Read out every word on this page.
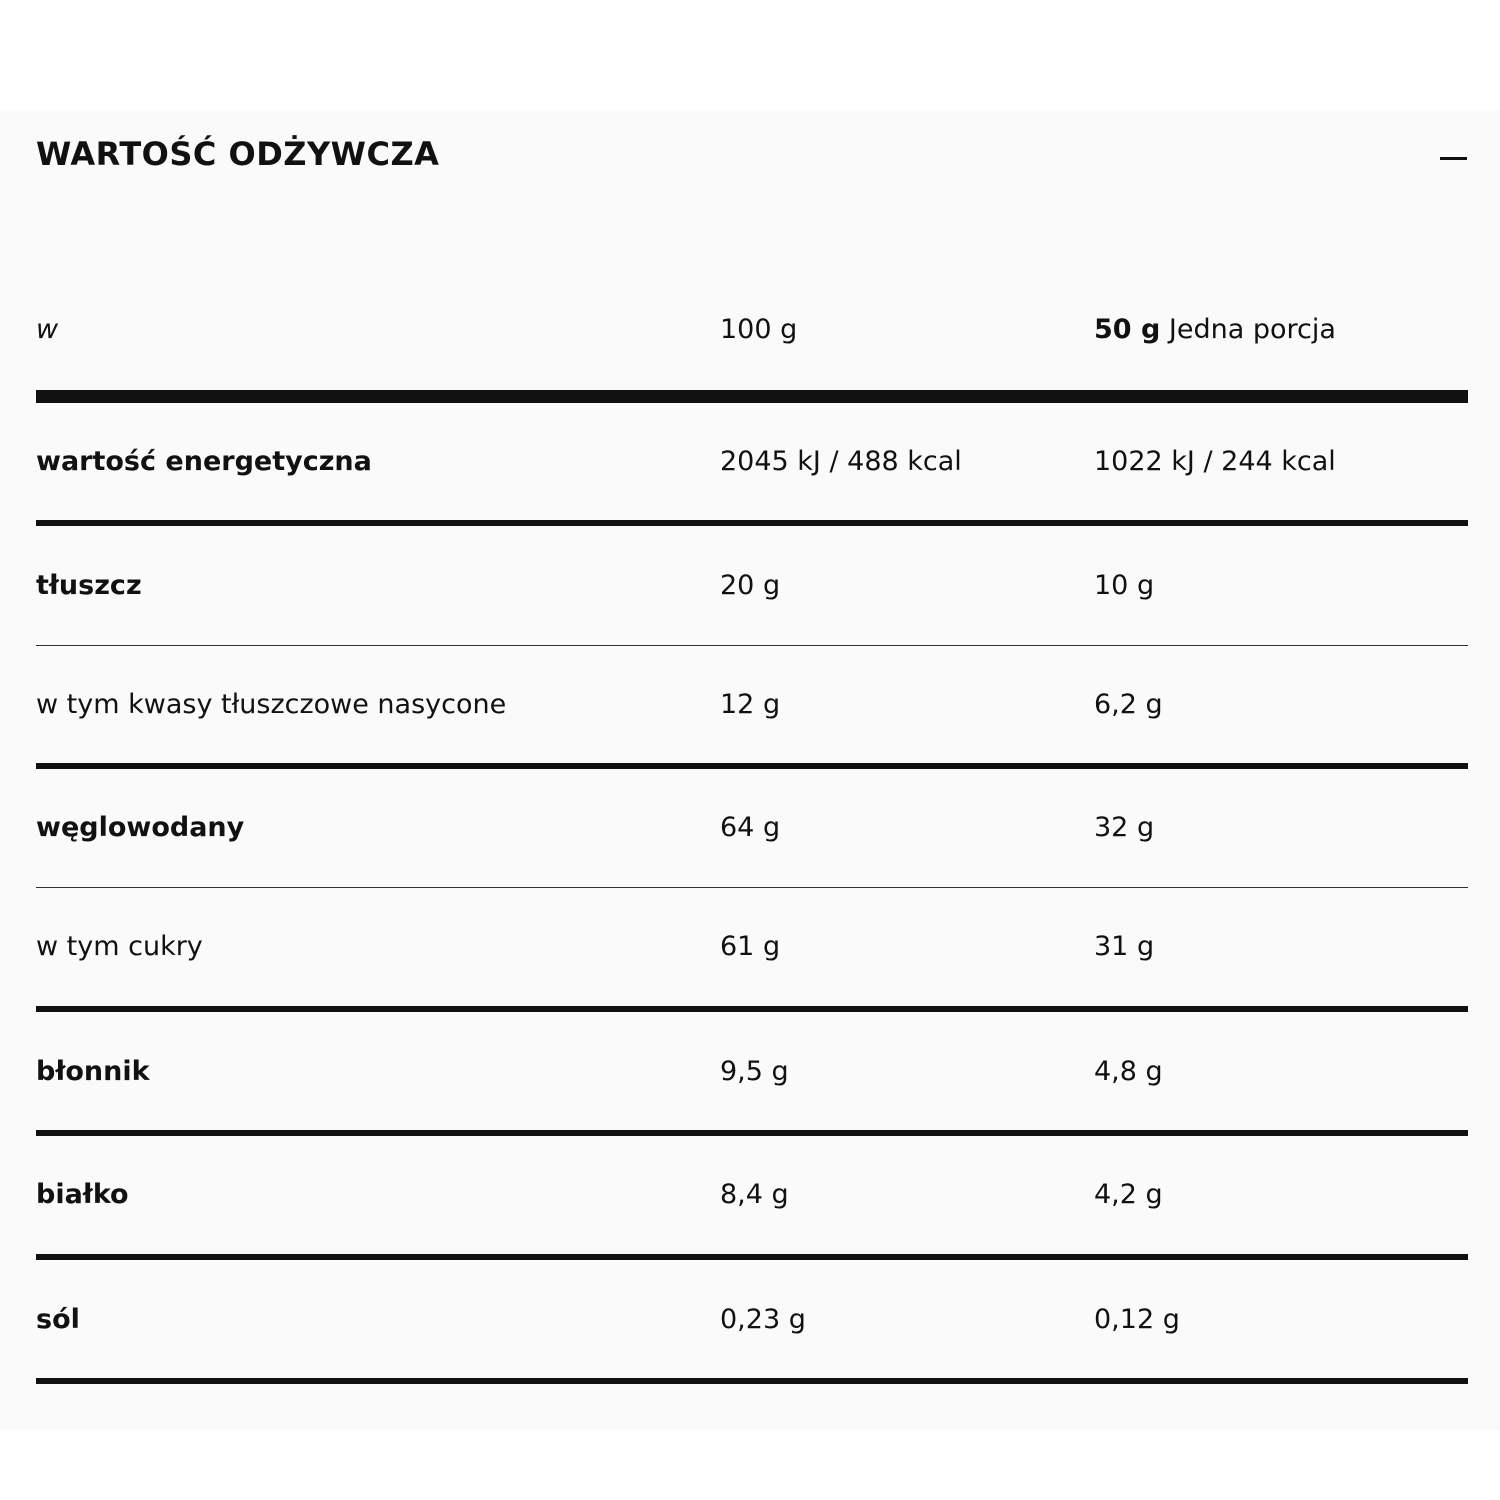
WARTOŚĆ ODŻYWCZA
w	100 g	50 g Jedna porcja
wartość energetyczna	2045 kJ / 488 kcal	1022 kJ / 244 kcal
tłuszcz	20 g	10 g
w tym kwasy tłuszczowe nasycone	12 g	6,2 g
węglowodany	64 g	32 g
w tym cukry	61 g	31 g
błonnik	9,5 g	4,8 g
białko	8,4 g	4,2 g
sól	0,23 g	0,12 g
